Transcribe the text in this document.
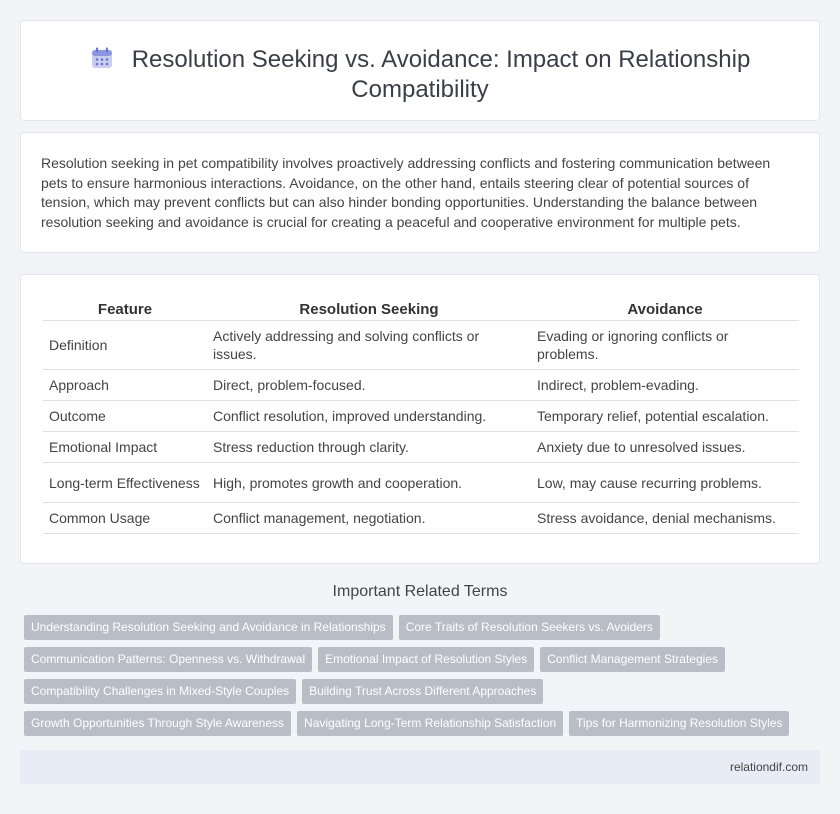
Resolution Seeking vs. Avoidance: Impact on Relationship Compatibility

Resolution seeking in pet compatibility involves proactively addressing conflicts and fostering communication between pets to ensure harmonious interactions. Avoidance, on the other hand, entails steering clear of potential sources of tension, which may prevent conflicts but can also hinder bonding opportunities. Understanding the balance between resolution seeking and avoidance is crucial for creating a peaceful and cooperative environment for multiple pets.

Feature	Resolution Seeking	Avoidance
Definition	Actively addressing and solving conflicts or issues.	Evading or ignoring conflicts or problems.
Approach	Direct, problem-focused.	Indirect, problem-evading.
Outcome	Conflict resolution, improved understanding.	Temporary relief, potential escalation.
Emotional Impact	Stress reduction through clarity.	Anxiety due to unresolved issues.
Long-term Effectiveness	High, promotes growth and cooperation.	Low, may cause recurring problems.
Common Usage	Conflict management, negotiation.	Stress avoidance, denial mechanisms.
Important Related Terms
Understanding Resolution Seeking and Avoidance in Relationships Core Traits of Resolution Seekers vs. Avoiders
Communication Patterns: Openness vs. Withdrawal Emotional Impact of Resolution Styles Conflict Management Strategies
Compatibility Challenges in Mixed-Style Couples Building Trust Across Different Approaches
Growth Opportunities Through Style Awareness Navigating Long-Term Relationship Satisfaction Tips for Harmonizing Resolution Styles
relationdif.com
